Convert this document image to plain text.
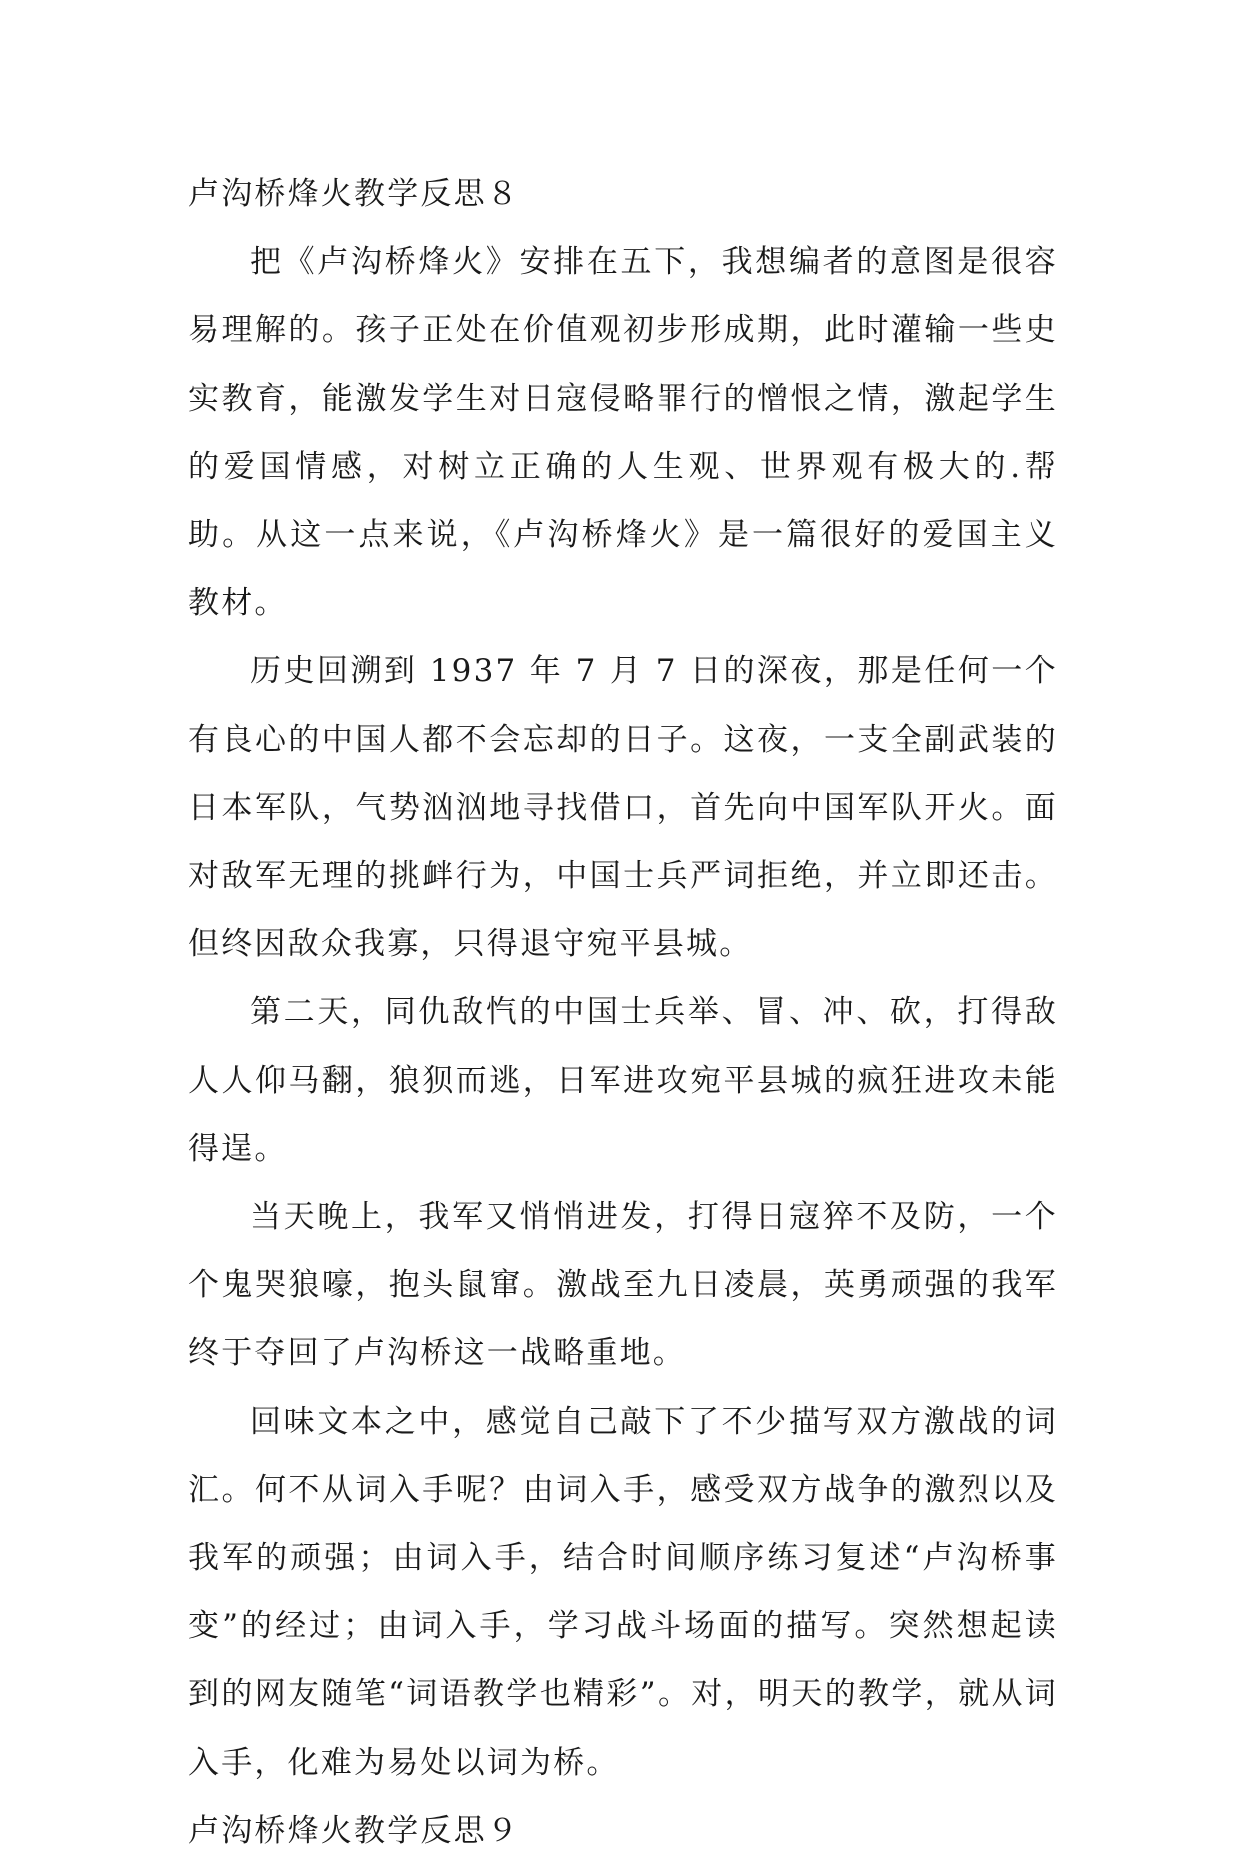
卢沟桥烽火教学反思８

把《卢沟桥烽火》安排在五下，我想编者的意图是很容易理解的。孩子正处在价值观初步形成期，此时灌输一些史实教育，能激发学生对日寇侵略罪行的憎恨之情，激起学生的爱国情感，对树立正确的人生观、世界观有极大的.帮助。从这一点来说，《卢沟桥烽火》是一篇很好的爱国主义教材。

历史回溯到 1937 年 7 月 7 日的深夜，那是任何一个有良心的中国人都不会忘却的日子。这夜，一支全副武装的日本军队，气势汹汹地寻找借口，首先向中国军队开火。面对敌军无理的挑衅行为，中国士兵严词拒绝，并立即还击。但终因敌众我寡，只得退守宛平县城。

第二天，同仇敌忾的中国士兵举、冒、冲、砍，打得敌人人仰马翻，狼狈而逃，日军进攻宛平县城的疯狂进攻未能得逞。

当天晚上，我军又悄悄进发，打得日寇猝不及防，一个个鬼哭狼嚎，抱头鼠窜。激战至九日凌晨，英勇顽强的我军终于夺回了卢沟桥这一战略重地。

回味文本之中，感觉自己敲下了不少描写双方激战的词汇。何不从词入手呢？由词入手，感受双方战争的激烈以及我军的顽强；由词入手，结合时间顺序练习复述“卢沟桥事变”的经过；由词入手，学习战斗场面的描写。突然想起读到的网友随笔“词语教学也精彩”。对，明天的教学，就从词入手，化难为易处以词为桥。

卢沟桥烽火教学反思９
